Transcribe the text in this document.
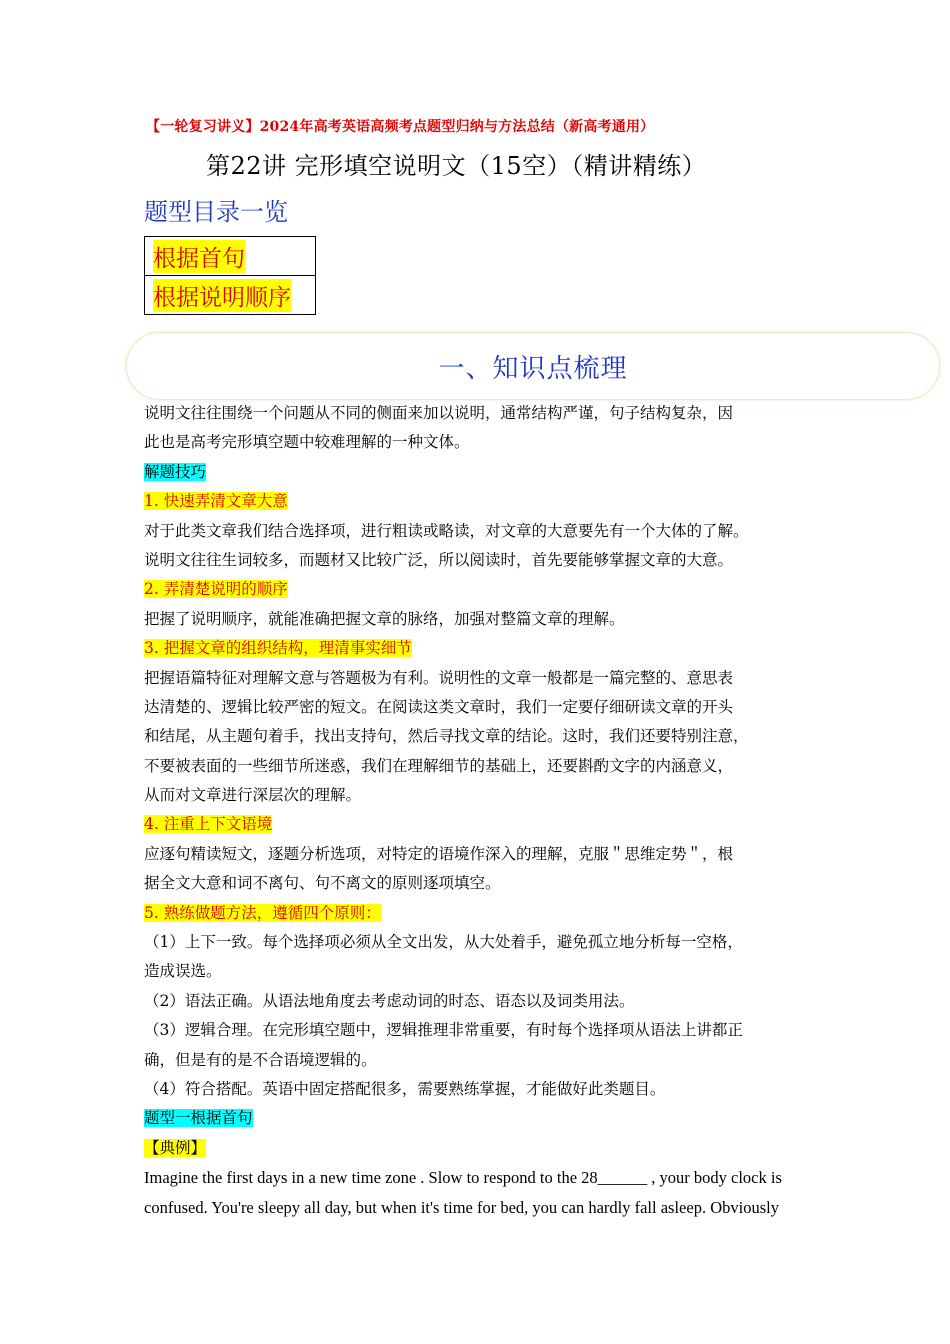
【一轮复习讲义】2024年高考英语高频考点题型归纳与方法总结（新高考通用）
第22讲 完形填空说明文（15空）（精讲精练）
题型目录一览
根据首句
根据说明顺序
一、知识点梳理
说明文往往围绕一个问题从不同的侧面来加以说明，通常结构严谨，句子结构复杂，因
此也是高考完形填空题中较难理解的一种文体。
解题技巧
1. 快速弄清文章大意
对于此类文章我们结合选择项，进行粗读或略读，对文章的大意要先有一个大体的了解。
说明文往往生词较多，而题材又比较广泛，所以阅读时，首先要能够掌握文章的大意。
2. 弄清楚说明的顺序
把握了说明顺序，就能准确把握文章的脉络，加强对整篇文章的理解。
3. 把握文章的组织结构，理清事实细节
把握语篇特征对理解文意与答题极为有利。说明性的文章一般都是一篇完整的、意思表
达清楚的、逻辑比较严密的短文。在阅读这类文章时，我们一定要仔细研读文章的开头
和结尾，从主题句着手，找出支持句，然后寻找文章的结论。这时，我们还要特别注意，
不要被表面的一些细节所迷惑，我们在理解细节的基础上，还要斟酌文字的内涵意义，
从而对文章进行深层次的理解。
4. 注重上下文语境
应逐句精读短文，逐题分析选项，对特定的语境作深入的理解，克服＂思维定势＂，根
据全文大意和词不离句、句不离文的原则逐项填空。
5. 熟练做题方法，遵循四个原则：
（1）上下一致。每个选择项必须从全文出发，从大处着手，避免孤立地分析每一空格，
造成误选。
（2）语法正确。从语法地角度去考虑动词的时态、语态以及词类用法。
（3）逻辑合理。在完形填空题中，逻辑推理非常重要，有时每个选择项从语法上讲都正
确，但是有的是不合语境逻辑的。
（4）符合搭配。英语中固定搭配很多，需要熟练掌握，才能做好此类题目。
题型一根据首句
【典例】
Imagine the first days in a new time zone . Slow to respond to the 28______ , your body clock is
confused. You're sleepy all day, but when it's time for bed, you can hardly fall asleep. Obviously
